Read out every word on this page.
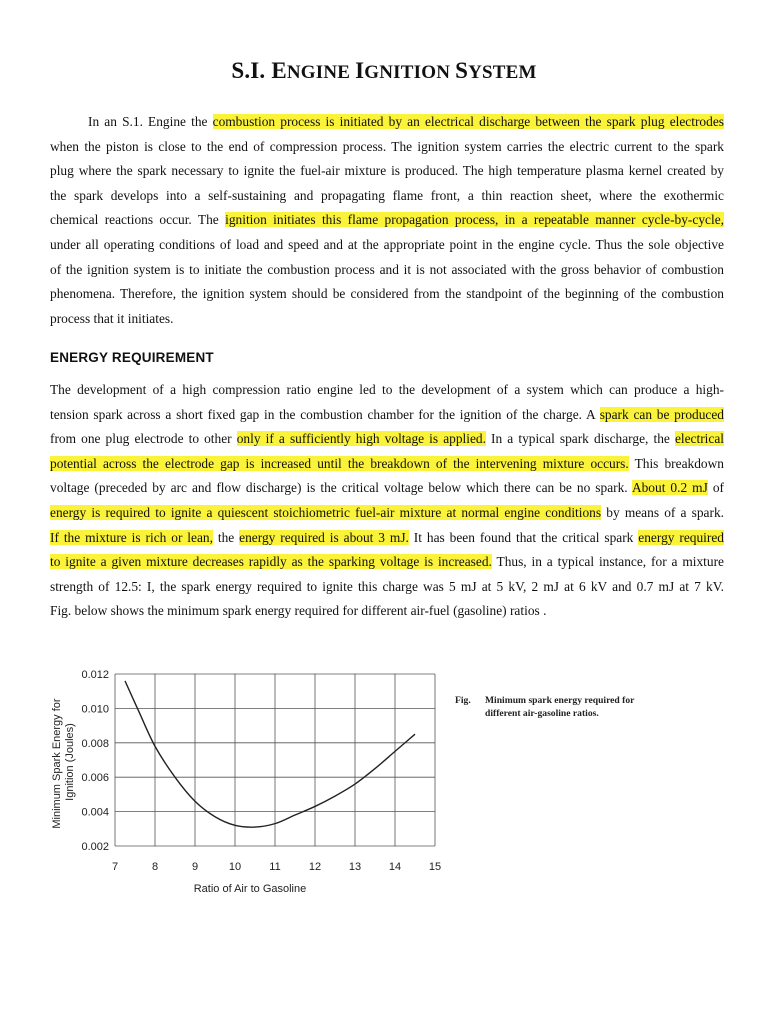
S.I. ENGINE IGNITION SYSTEM
In an S.1. Engine the combustion process is initiated by an electrical discharge between the spark plug electrodes
when the piston is close to the end of compression process. The ignition system carries the electric current to the spark
plug where the spark necessary to ignite the fuel-air mixture is produced. The high temperature plasma kernel created by
the spark develops into a self-sustaining and propagating flame front, a thin reaction sheet, where the exothermic
chemical reactions occur. The ignition initiates this flame propagation process, in a repeatable manner cycle-by-cycle,
under all operating conditions of load and speed and at the appropriate point in the engine cycle. Thus the sole objective
of the ignition system is to initiate the combustion process and it is not associated with the gross behavior of combustion
phenomena. Therefore, the ignition system should be considered from the standpoint of the beginning of the combustion
process that it initiates.
ENERGY REQUIREMENT
The development of a high compression ratio engine led to the development of a system which can produce a high-
tension spark across a short fixed gap in the combustion chamber for the ignition of the charge. A spark can be produced
from one plug electrode to other only if a sufficiently high voltage is applied. In a typical spark discharge, the electrical
potential across the electrode gap is increased until the breakdown of the intervening mixture occurs. This breakdown
voltage (preceded by arc and flow discharge) is the critical voltage below which there can be no spark. About 0.2 mJ of
energy is required to ignite a quiescent stoichiometric fuel-air mixture at normal engine conditions by means of a spark.
If the mixture is rich or lean, the energy required is about 3 mJ. It has been found that the critical spark energy required
to ignite a given mixture decreases rapidly as the sparking voltage is increased. Thus, in a typical instance, for a mixture
strength of 12.5: I, the spark energy required to ignite this charge was 5 mJ at 5 kV, 2 mJ at 6 kV and 0.7 mJ at 7 kV.
Fig. below shows the minimum spark energy required for different air-fuel (gasoline) ratios .
0.002
0.004
0.006
0.008
0.010
0.012
7	8	9	10	11	12	13	14	15
Ratio of Air to Gasoline
Minimum Spark Energy for Ignition (Joules)
Fig. Minimum spark energy required for
different air-gasoline ratios.
